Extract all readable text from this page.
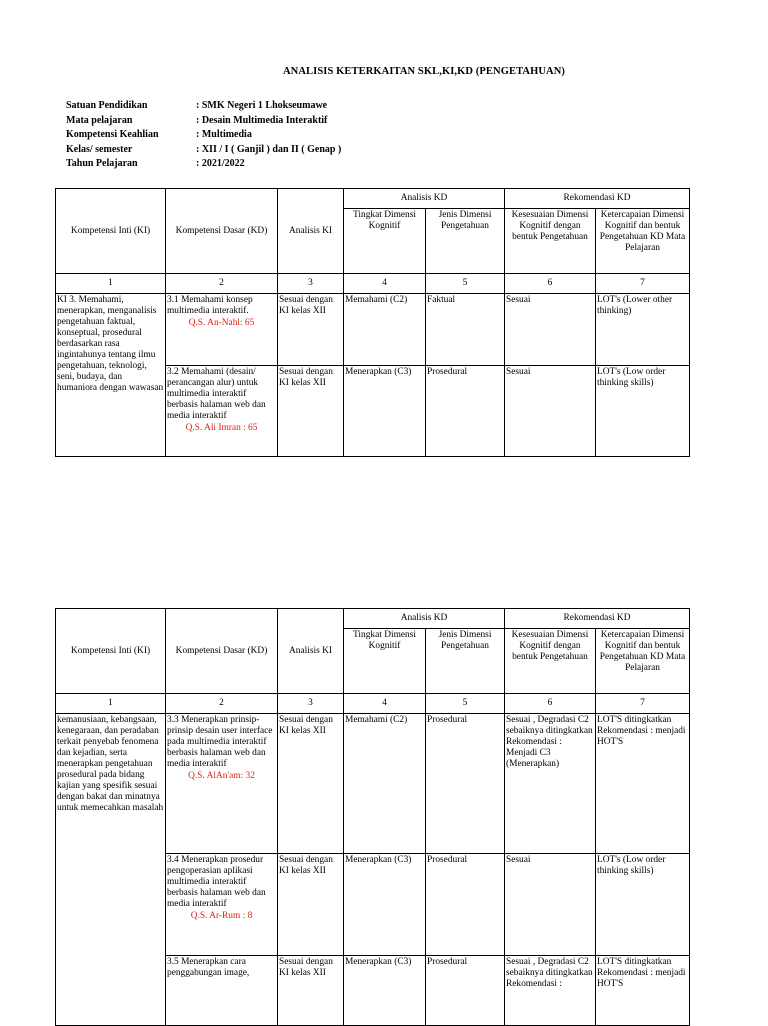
ANALISIS KETERKAITAN SKL,KI,KD (PENGETAHUAN)
Satuan Pendidikan	: SMK Negeri 1 Lhokseumawe
Mata pelajaran	: Desain Multimedia Interaktif
Kompetensi Keahlian	: Multimedia
Kelas/ semester	: XII / I ( Ganjil ) dan II ( Genap )
Tahun Pelajaran	: 2021/2022
Kompetensi Inti (KI)	Kompetensi Dasar (KD)	Analisis KI	Analisis KD		Rekomendasi KD	
			Tingkat Dimensi Kognitif	Jenis Dimensi Pengetahuan	Kesesuaian Dimensi Kognitif dengan bentuk Pengetahuan	Ketercapaian Dimensi Kognitif dan bentuk Pengetahuan KD Mata Pelajaran
1	2	3	4	5	6	7
KI 3. Memahami, menerapkan, menganalisis pengetahuan faktual, konseptual, prosedural berdasarkan rasa ingintahunya tentang ilmu pengetahuan, teknologi, seni, budaya, dan humaniora dengan wawasan	3.1 Memahami konsep multimedia interaktif.
Q.S. An-Nahl: 65	Sesuai dengan KI kelas XII	Memahami (C2)	Faktual	Sesuai	LOT's (Lower other thinking)
	3.2 Memahami (desain/ perancangan alur) untuk multimedia interaktif berbasis halaman web dan media interaktif
Q.S. Ali Imran : 65	Sesuai dengan KI kelas XII	Menerapkan (C3)	Prosedural	Sesuai	LOT's (Low order thinking skills)
Kompetensi Inti (KI)	Kompetensi Dasar (KD)	Analisis KI	Analisis KD		Rekomendasi KD	
			Tingkat Dimensi Kognitif	Jenis Dimensi Pengetahuan	Kesesuaian Dimensi Kognitif dengan bentuk Pengetahuan	Ketercapaian Dimensi Kognitif dan bentuk Pengetahuan KD Mata Pelajaran
1	2	3	4	5	6	7
kemanusiaan, kebangsaan, kenegaraan, dan peradaban terkait penyebab fenomena dan kejadian, serta menerapkan pengetahuan prosedural pada bidang kajian yang spesifik sesuai dengan bakat dan minatnya untuk memecahkan masalah	3.3 Menerapkan prinsip-prinsip desain user interface pada multimedia interaktif berbasis halaman web dan media interaktif
Q.S. AlAn'am: 32	Sesuai dengan KI kelas XII	Memahami (C2)	Prosedural	Sesuai , Degradasi C2 sebaiknya ditingkatkan Rekomendasi : Menjadi C3 (Menerapkan)	LOT'S ditingkatkan Rekomendasi : menjadi HOT'S
	3.4 Menerapkan prosedur pengoperasian aplikasi multimedia interaktif berbasis halaman web dan media interaktif
Q.S. Ar-Rum : 8	Sesuai dengan KI kelas XII	Menerapkan (C3)	Prosedural	Sesuai	LOT's (Low order thinking skills)
	3.5 Menerapkan cara penggabungan image,	Sesuai dengan KI kelas XII	Menerapkan (C3)	Prosedural	Sesuai , Degradasi C2 sebaiknya ditingkatkan Rekomendasi :	LOT'S ditingkatkan Rekomendasi : menjadi HOT'S
